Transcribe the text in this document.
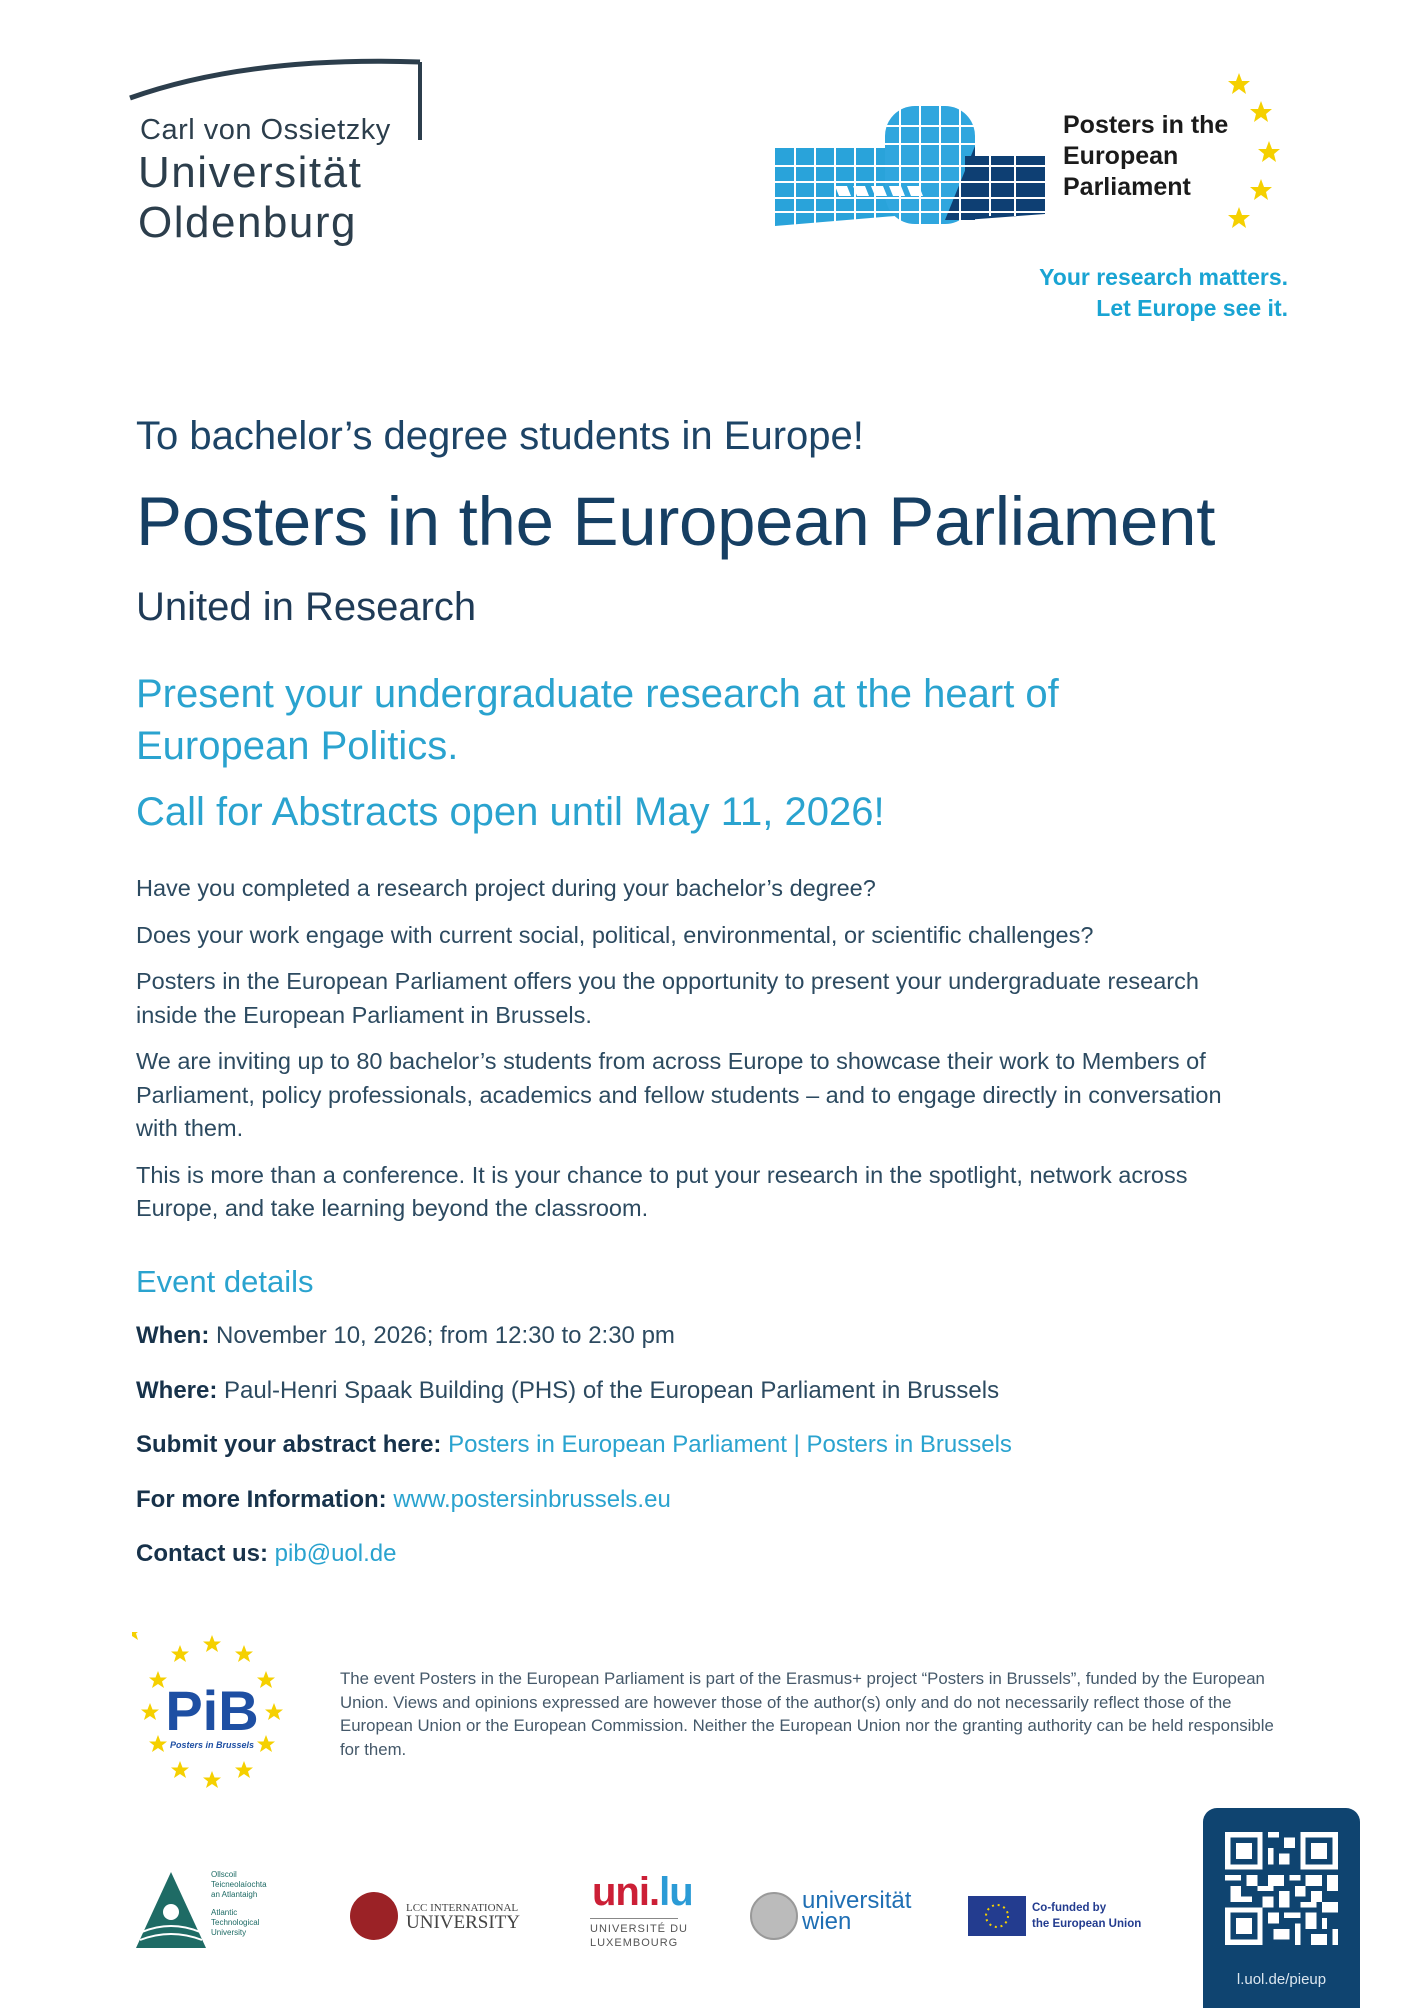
Carl von Ossietzky
Universität
Oldenburg
Posters in the
European
Parliament
Your research matters.
Let Europe see it.
To bachelor’s degree students in Europe!
Posters in the European Parliament
United in Research
Present your undergraduate research at the heart of European Politics.
Call for Abstracts open until May 11, 2026!

Have you completed a research project during your bachelor’s degree?

Does your work engage with current social, political, environmental, or scientific challenges?

Posters in the European Parliament offers you the opportunity to present your undergraduate research inside the European Parliament in Brussels.

We are inviting up to 80 bachelor’s students from across Europe to showcase their work to Members of Parliament, policy professionals, academics and fellow students – and to engage directly in conversation with them.

This is more than a conference. It is your chance to put your research in the spotlight, network across Europe, and take learning beyond the classroom.

Event details
When: November 10, 2026; from 12:30 to 2:30 pm
Where: Paul-Henri Spaak Building (PHS) of the European Parliament in Brussels
Submit your abstract here: Posters in European Parliament | Posters in Brussels
For more Information: www.postersinbrussels.eu
Contact us: pib@uol.de
PiB
Posters in Brussels
The event Posters in the European Parliament is part of the Erasmus+ project “Posters in Brussels”, funded by the European Union. Views and opinions expressed are however those of the author(s) only and do not necessarily reflect those of the European Union or the European Commission. Neither the European Union nor the granting authority can be held responsible for them.
Ollscoil
Teicneolaíochta
an Atlantaigh
Atlantic
Technological
University
LCC INTERNATIONAL
UNIVERSITY
uni.lu
UNIVERSITÉ DU
LUXEMBOURG
universität
wien	Co-funded by
the European Union
l.uol.de/pieup
